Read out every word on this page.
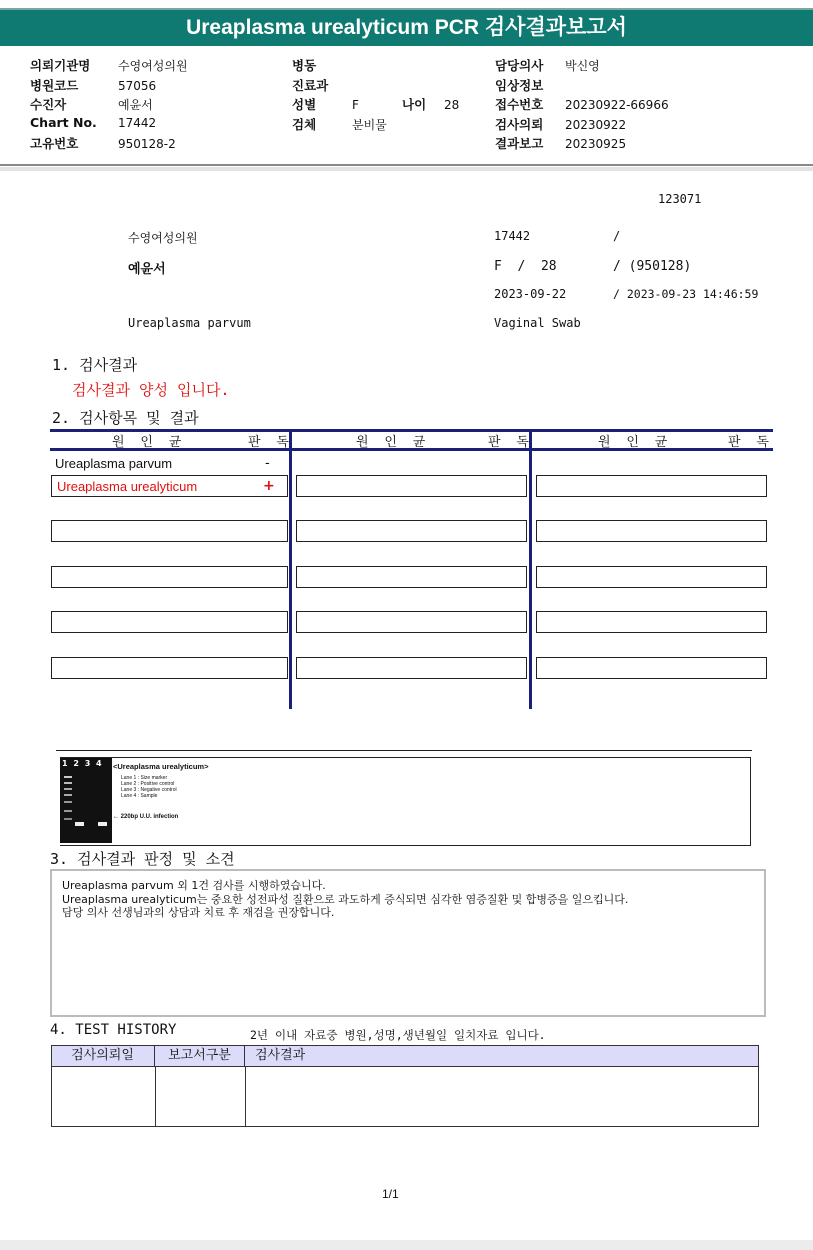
Ureaplasma urealyticum PCR 검사결과보고서
의뢰기관명 수영여성의원
병원코드	57056
수진자	예윤서
Chart No. 17442
고유번호	950128-2
병동
진료과
성별	F	나이 28
검체	분비물
담당의사 박신영
임상정보
접수번호 20230922-66966
검사의뢰 20230922
결과보고 20230925
123071
수영여성의원	17442	/
예윤서	F  /  28	/ (950128)
2023-09-22	/ 2023-09-23 14:46:59
Ureaplasma parvum	Vaginal Swab
1. 검사결과
검사결과 양성 입니다.
2. 검사항목 및 결과
원 인 균	판 독	원 인 균	판 독	원 인 균	판 독
Ureaplasma parvum	-
Ureaplasma urealyticum	+
1 2 3 4 <Ureaplasma urealyticum>
Lane 1 : Size marker
Lane 2 : Positive control
Lane 3 : Negative control
Lane 4 : Sample
← 220bp U.U. infection
3. 검사결과 판정 및 소견
Ureaplasma parvum 외 1건 검사를 시행하였습니다.
Ureaplasma urealyticum는 중요한 성전파성 질환으로 과도하게 증식되면 심각한 염증질환 및 합병증을 일으킵니다.
담당 의사 선생님과의 상담과 치료 후 재검을 권장합니다.
4. TEST HISTORY	2년 이내 자료중 병원,성명,생년월일 일치자료 입니다.
검사의뢰일	보고서구분	검사결과
1/1
